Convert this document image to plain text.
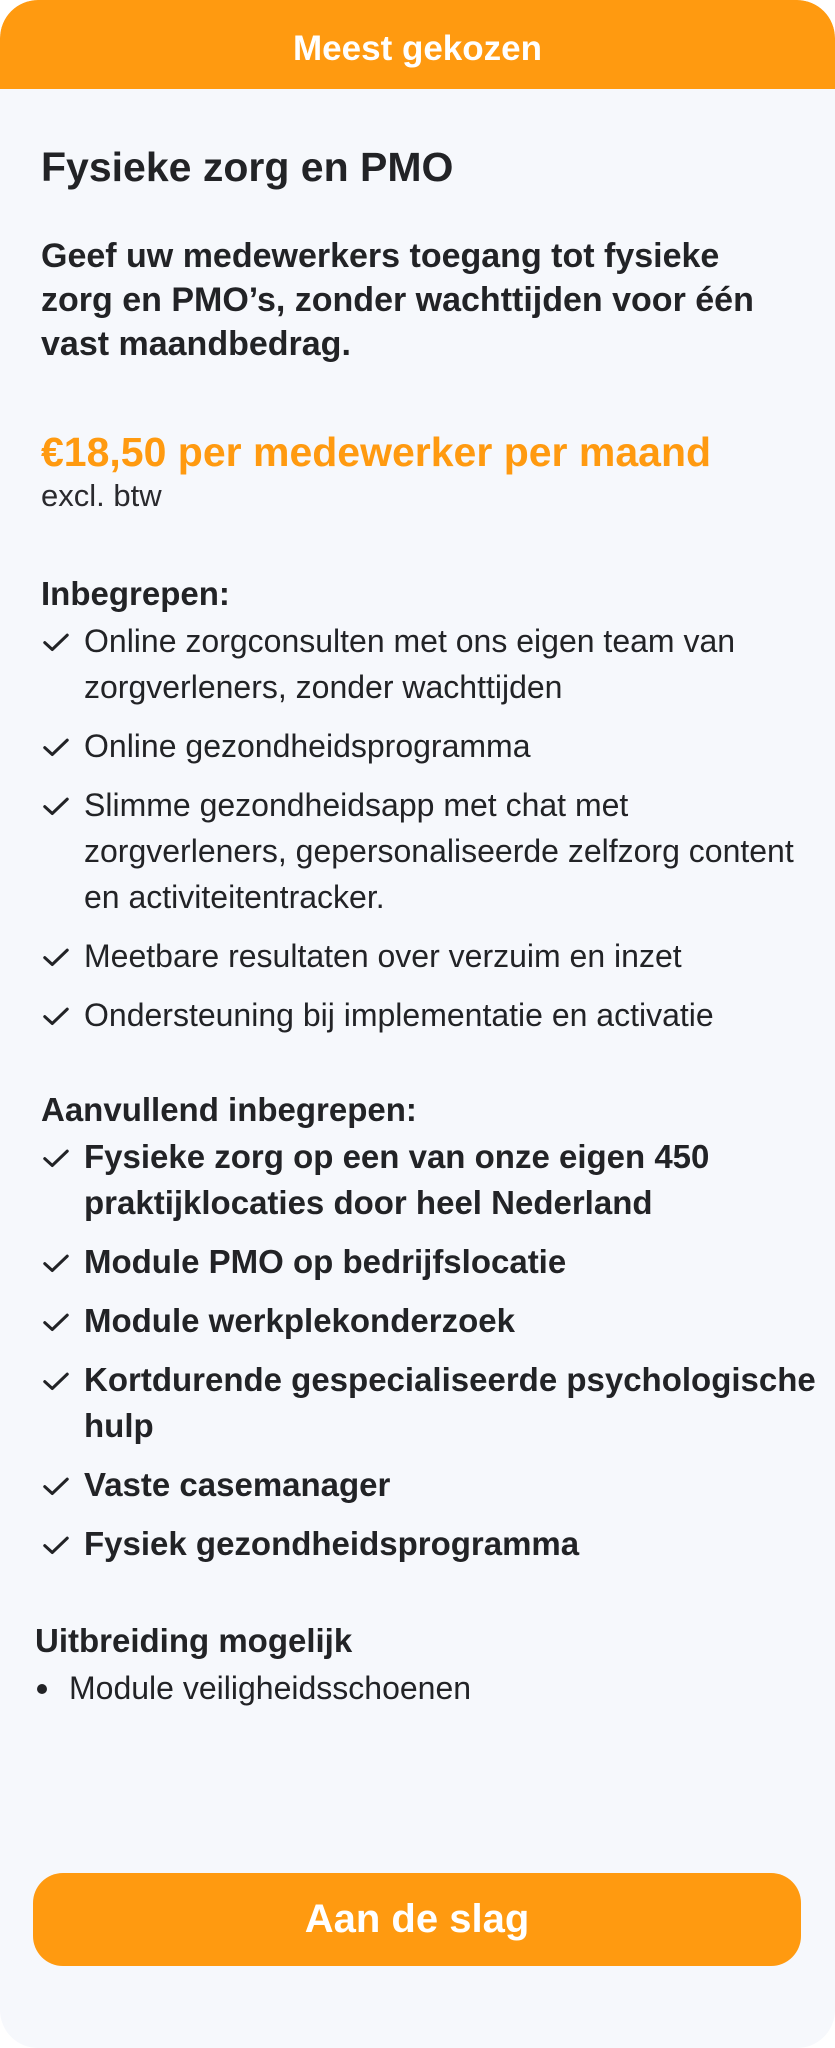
Meest gekozen
Fysieke zorg en PMO

Geef uw medewerkers toegang tot fysieke zorg en PMO’s, zonder wachttijden voor één vast maandbedrag.

€18,50 per medewerker per maand

excl. btw

Inbegrepen:
Online zorgconsulten met ons eigen team van zorgverleners, zonder wachttijden
Online gezondheidsprogramma
Slimme gezondheidsapp met chat met zorgverleners, gepersonaliseerde zelfzorg content en activiteitentracker.
Meetbare resultaten over verzuim en inzet
Ondersteuning bij implementatie en activatie
Aanvullend inbegrepen:
Fysieke zorg op een van onze eigen 450 praktijklocaties door heel Nederland
Module PMO op bedrijfslocatie
Module werkplekonderzoek
Kortdurende gespecialiseerde psychologische hulp
Vaste casemanager
Fysiek gezondheidsprogramma
Uitbreiding mogelijk
Module veiligheidsschoenen
Aan de slag
